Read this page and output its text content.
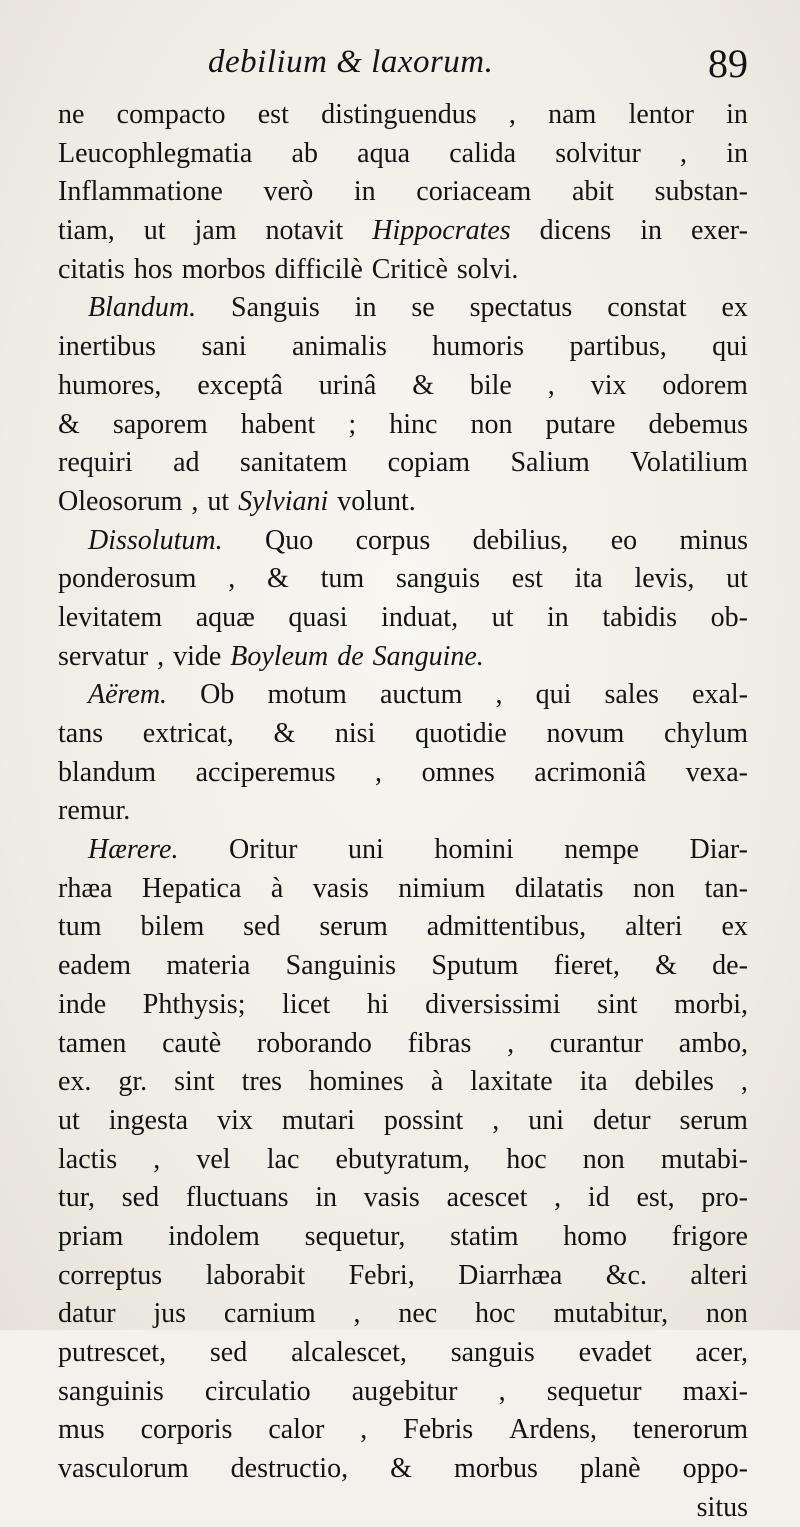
debilium & laxorum.	89
ne compacto est distinguendus , nam lentor in
Leucophlegmatia ab aqua calida solvitur , in
Inflammatione verò in coriaceam abit substan-
tiam, ut jam notavit Hippocrates dicens in exer-
citatis hos morbos difficilè Criticè solvi.
Blandum. Sanguis in se spectatus constat ex
inertibus sani animalis humoris partibus, qui
humores, exceptâ urinâ & bile , vix odorem
& saporem habent ; hinc non putare debemus
requiri ad sanitatem copiam Salium Volatilium
Oleosorum , ut Sylviani volunt.
Dissolutum. Quo corpus debilius, eo minus
ponderosum , & tum sanguis est ita levis, ut
levitatem aquæ quasi induat, ut in tabidis ob-
servatur , vide Boyleum de Sanguine.
Aërem. Ob motum auctum , qui sales exal-
tans extricat, & nisi quotidie novum chylum
blandum acciperemus , omnes acrimoniâ vexa-
remur.
Hærere. Oritur uni homini nempe Diar-
rhæa Hepatica à vasis nimium dilatatis non tan-
tum bilem sed serum admittentibus, alteri ex
eadem materia Sanguinis Sputum fieret, & de-
inde Phthysis; licet hi diversissimi sint morbi,
tamen cautè roborando fibras , curantur ambo,
ex. gr. sint tres homines à laxitate ita debiles ,
ut ingesta vix mutari possint , uni detur serum
lactis , vel lac ebutyratum, hoc non mutabi-
tur, sed fluctuans in vasis acescet , id est, pro-
priam indolem sequetur, statim homo frigore
correptus laborabit Febri, Diarrhæa &c. alteri
datur jus carnium , nec hoc mutabitur, non
putrescet, sed alcalescet, sanguis evadet acer,
sanguinis circulatio augebitur , sequetur maxi-
mus corporis calor , Febris Ardens, tenerorum
vasculorum destructio, & morbus planè oppo-
situs
